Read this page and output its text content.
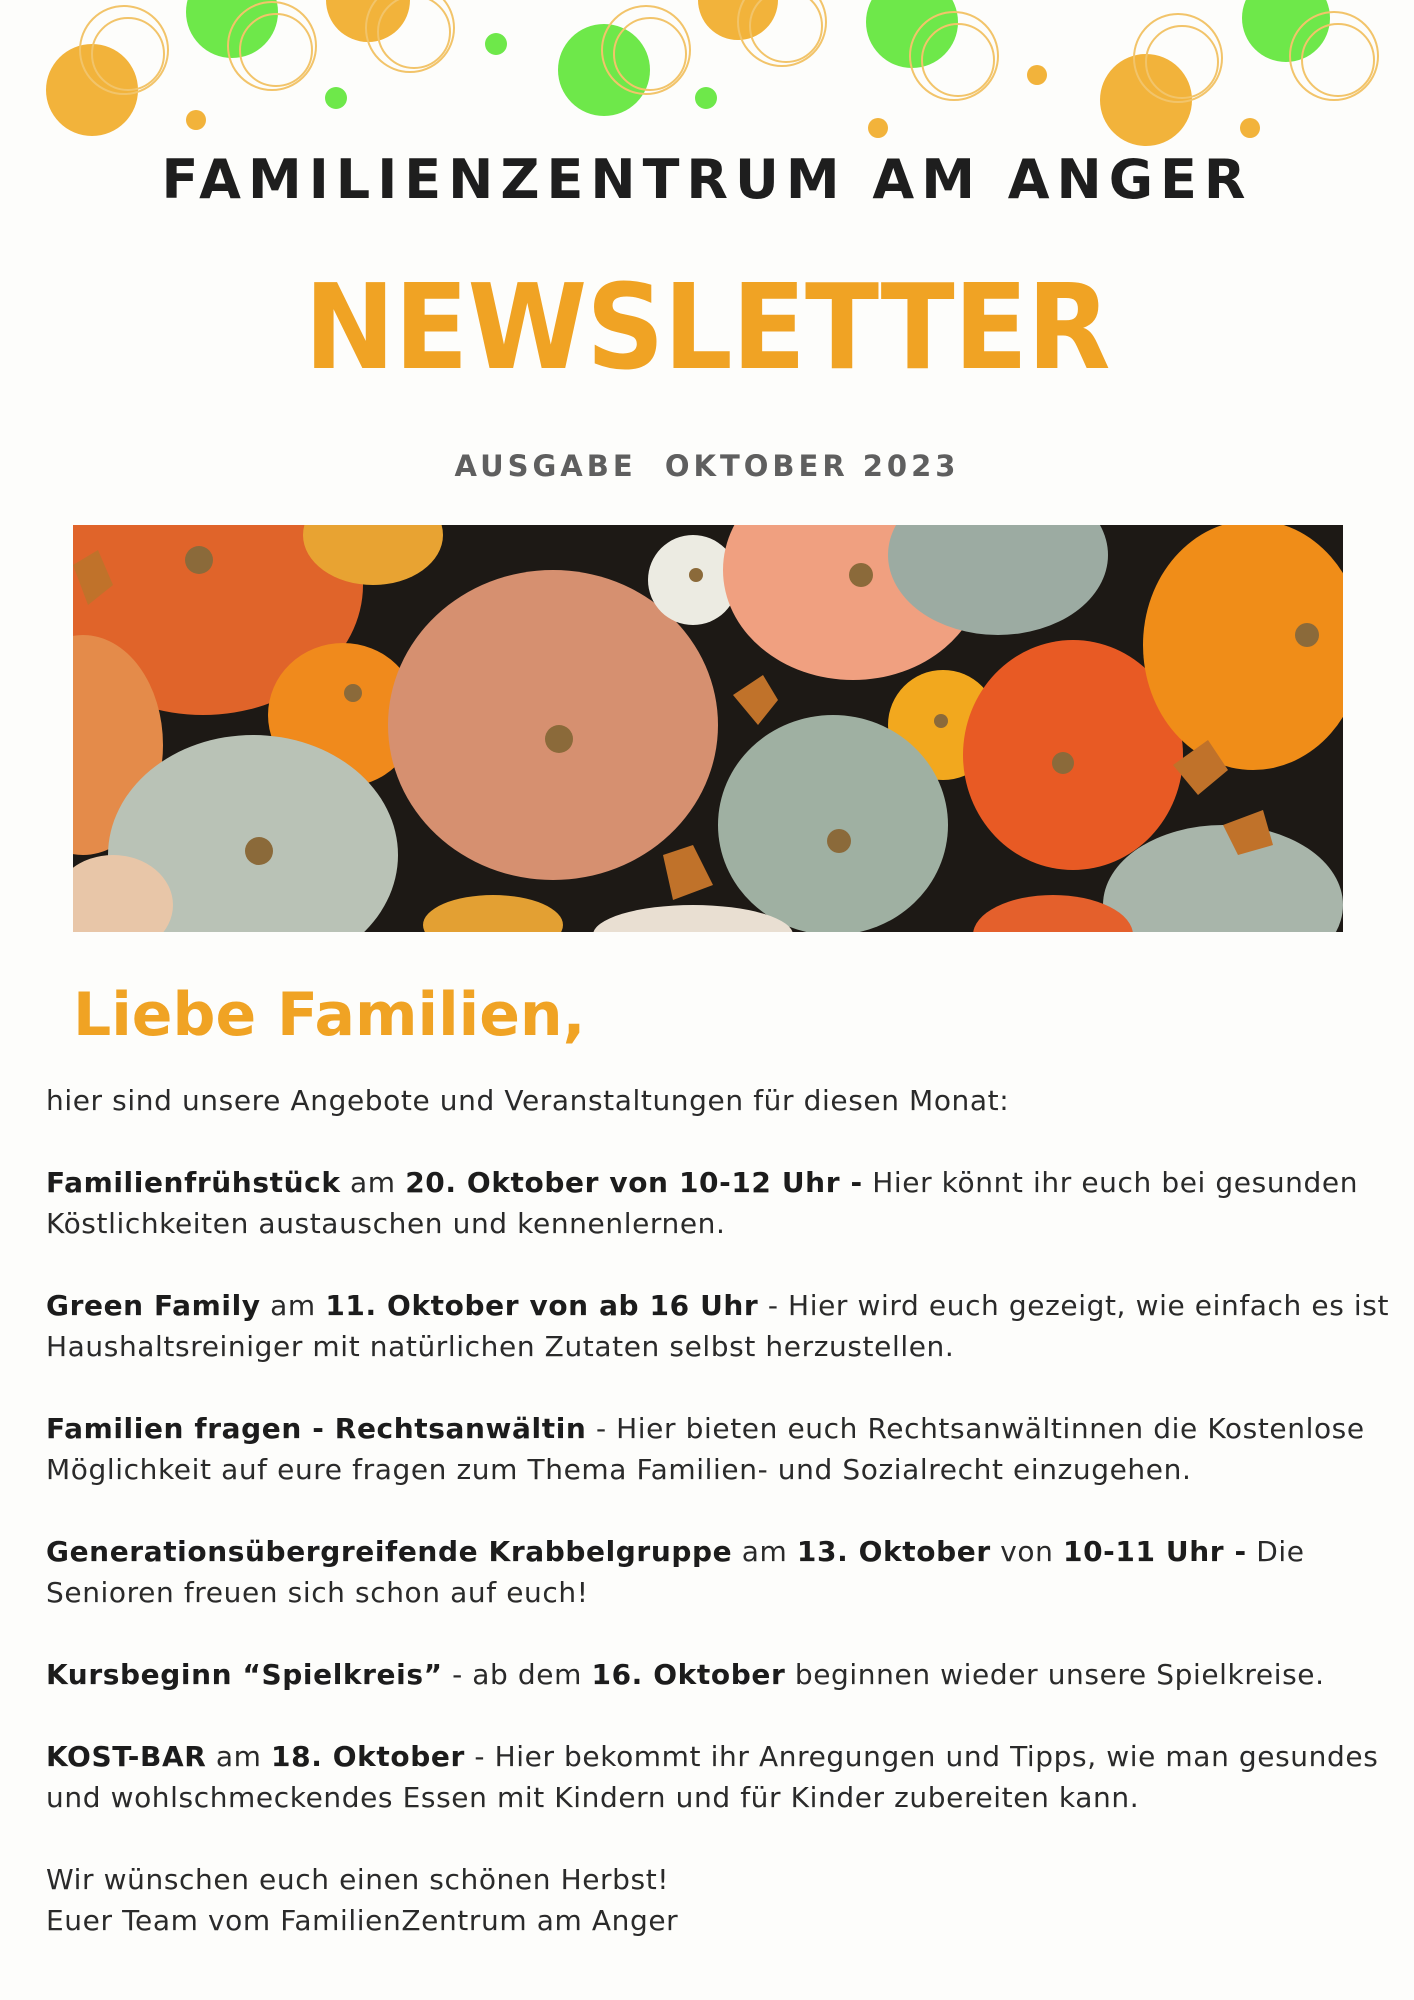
FAMILIENZENTRUM AM ANGER
NEWSLETTER
AUSGABE  OKTOBER 2023
Liebe Familien,

hier sind unsere Angebote und Veranstaltungen für diesen Monat:

Familienfrühstück am 20. Oktober von 10-12 Uhr - Hier könnt ihr euch bei gesunden Köstlichkeiten austauschen und kennenlernen.

Green Family am 11. Oktober von ab 16 Uhr - Hier wird euch gezeigt, wie einfach es ist Haushaltsreiniger mit natürlichen Zutaten selbst herzustellen.

Familien fragen - Rechtsanwältin - Hier bieten euch Rechtsanwältinnen die Kostenlose Möglichkeit auf eure fragen zum Thema Familien- und Sozialrecht einzugehen.

Generationsübergreifende Krabbelgruppe am 13. Oktober von 10-11 Uhr - Die Senioren freuen sich schon auf euch!

Kursbeginn “Spielkreis” - ab dem 16. Oktober beginnen wieder unsere Spielkreise.

KOST-BAR am 18. Oktober - Hier bekommt ihr Anregungen und Tipps, wie man gesundes und wohlschmeckendes Essen mit Kindern und für Kinder zubereiten kann.

Wir wünschen euch einen schönen Herbst!

Euer Team vom FamilienZentrum am Anger
